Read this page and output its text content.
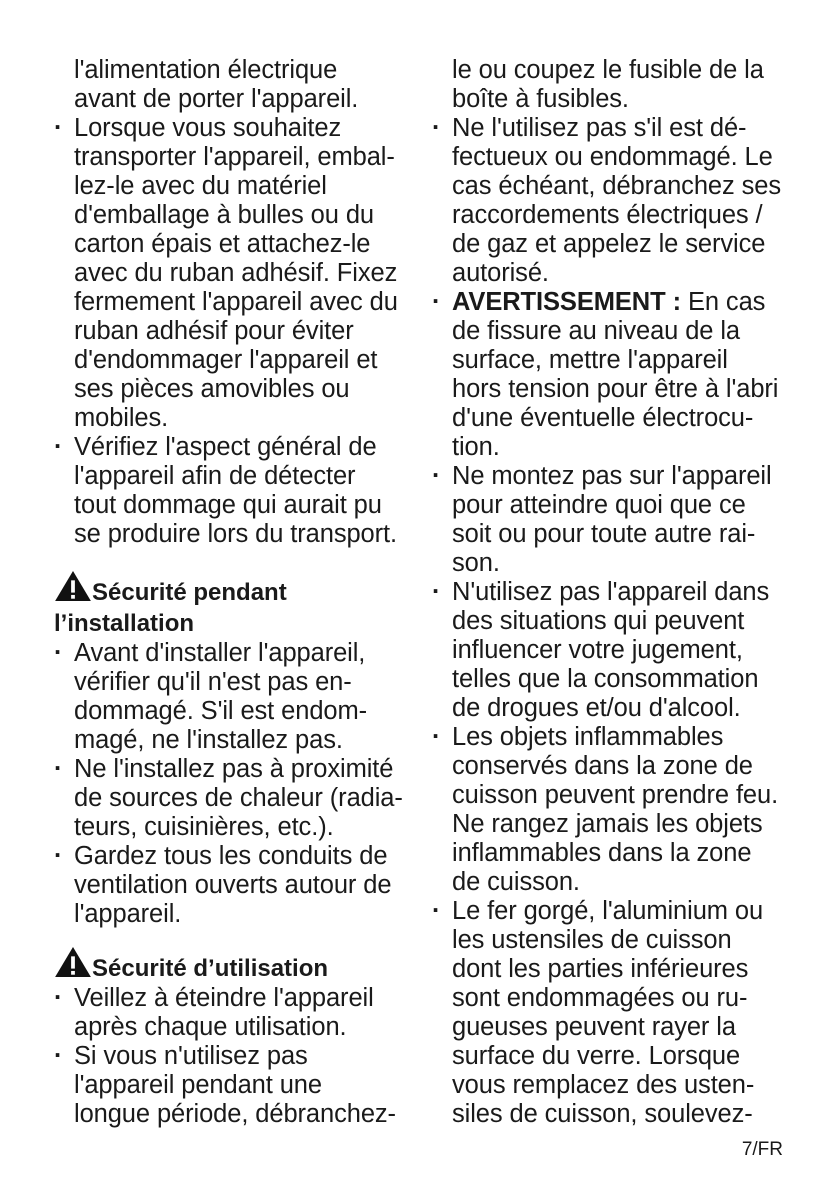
l'alimentation électrique
avant de porter l'appareil.
· Lorsque vous souhaitez
transporter l'appareil, embal-
lez-le avec du matériel
d'emballage à bulles ou du
carton épais et attachez-le
avec du ruban adhésif. Fixez
fermement l'appareil avec du
ruban adhésif pour éviter
d'endommager l'appareil et
ses pièces amovibles ou
mobiles.
· Vérifiez l'aspect général de
l'appareil afin de détecter
tout dommage qui aurait pu
se produire lors du transport.
Sécurité pendant
l’installation
· Avant d'installer l'appareil,
vérifier qu'il n'est pas en-
dommagé. S'il est endom-
magé, ne l'installez pas.
· Ne l'installez pas à proximité
de sources de chaleur (radia-
teurs, cuisinières, etc.).
· Gardez tous les conduits de
ventilation ouverts autour de
l'appareil.
Sécurité d’utilisation
· Veillez à éteindre l'appareil
après chaque utilisation.
· Si vous n'utilisez pas
l'appareil pendant une
longue période, débranchez-
le ou coupez le fusible de la
boîte à fusibles.
· Ne l'utilisez pas s'il est dé-
fectueux ou endommagé. Le
cas échéant, débranchez ses
raccordements électriques /
de gaz et appelez le service
autorisé.
· AVERTISSEMENT : En cas
de fissure au niveau de la
surface, mettre l'appareil
hors tension pour être à l'abri
d'une éventuelle électrocu-
tion.
· Ne montez pas sur l'appareil
pour atteindre quoi que ce
soit ou pour toute autre rai-
son.
· N'utilisez pas l'appareil dans
des situations qui peuvent
influencer votre jugement,
telles que la consommation
de drogues et/ou d'alcool.
· Les objets inflammables
conservés dans la zone de
cuisson peuvent prendre feu.
Ne rangez jamais les objets
inflammables dans la zone
de cuisson.
· Le fer gorgé, l'aluminium ou
les ustensiles de cuisson
dont les parties inférieures
sont endommagées ou ru-
gueuses peuvent rayer la
surface du verre. Lorsque
vous remplacez des usten-
siles de cuisson, soulevez-
7/FR
